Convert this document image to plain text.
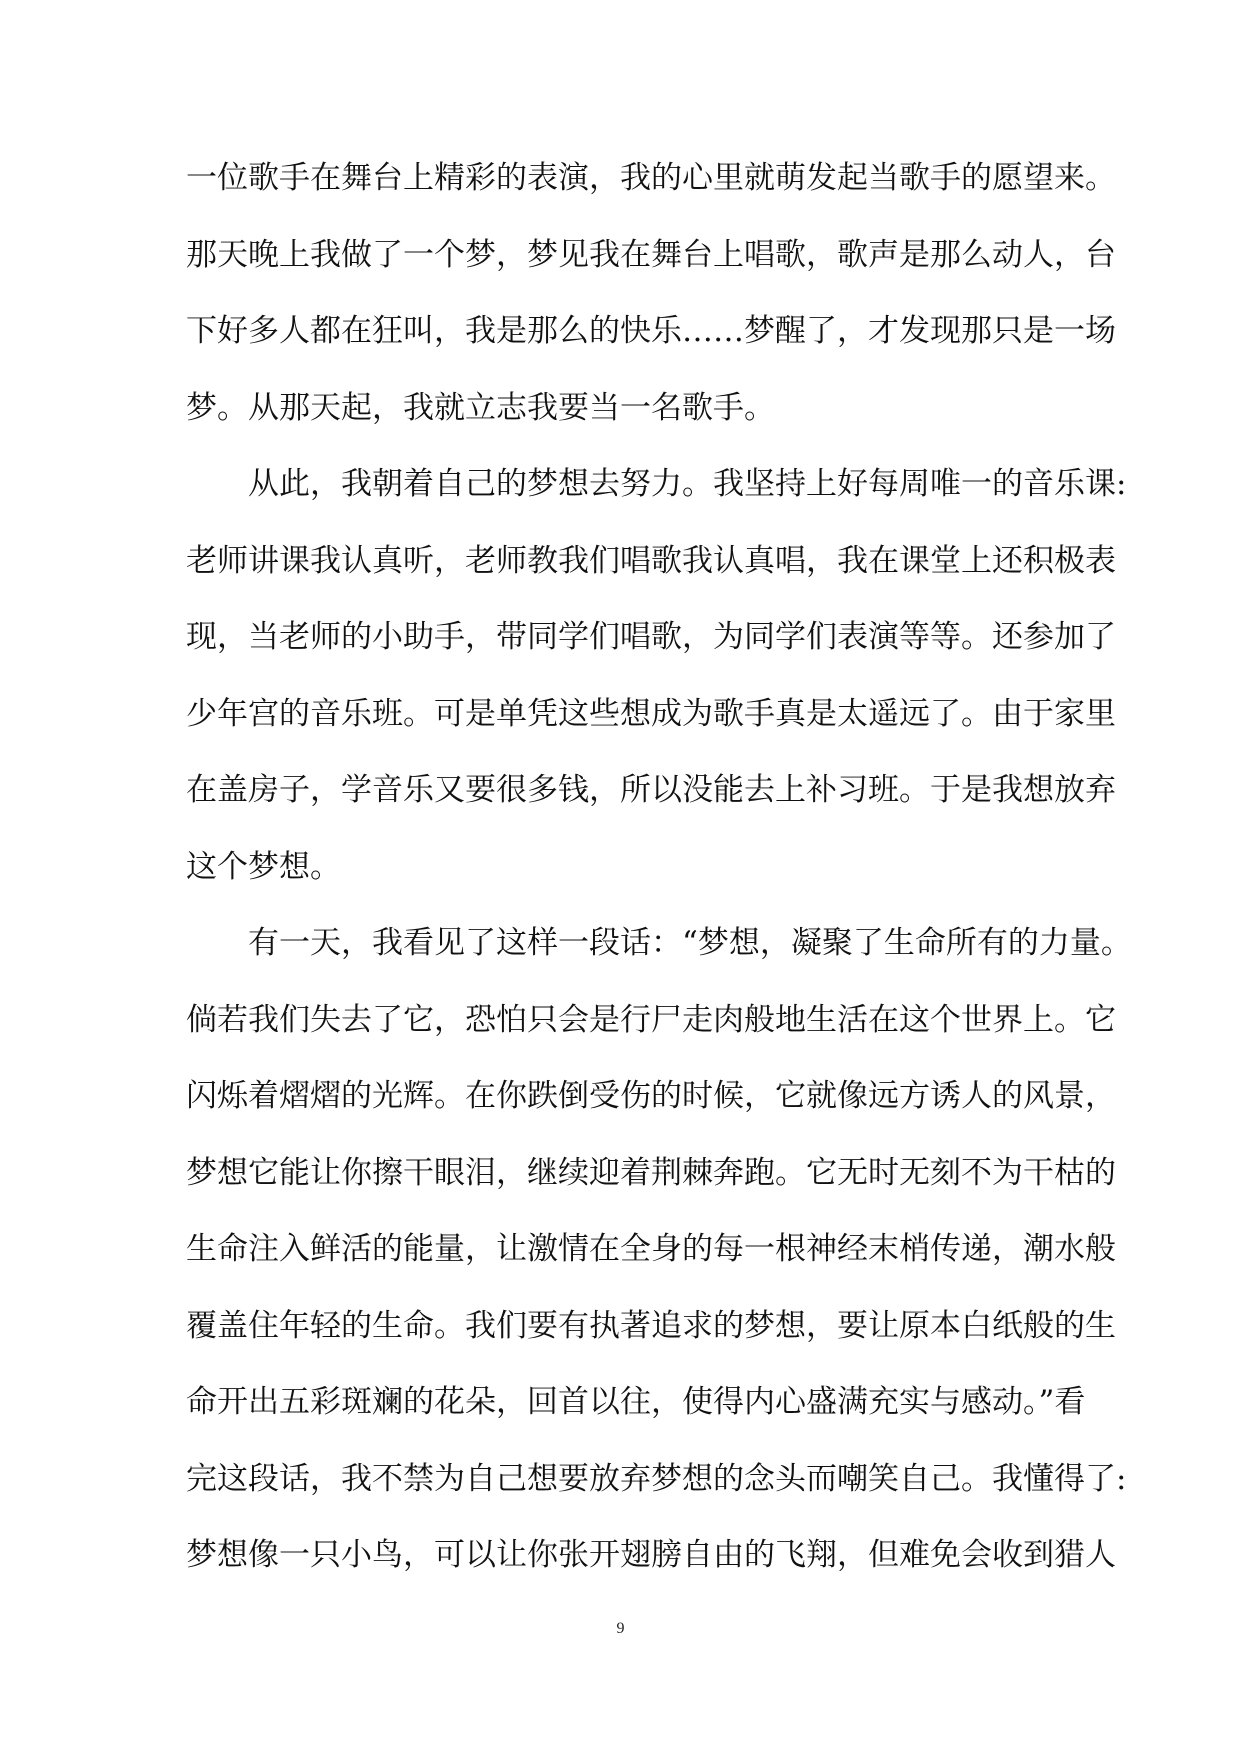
一位歌手在舞台上精彩的表演，我的心里就萌发起当歌手的愿望来。
那天晚上我做了一个梦，梦见我在舞台上唱歌，歌声是那么动人，台
下好多人都在狂叫，我是那么的快乐……梦醒了，才发现那只是一场
梦。从那天起，我就立志我要当一名歌手。
从此，我朝着自己的梦想去努力。我坚持上好每周唯一的音乐课:
老师讲课我认真听，老师教我们唱歌我认真唱，我在课堂上还积极表
现，当老师的小助手，带同学们唱歌，为同学们表演等等。还参加了
少年宫的音乐班。可是单凭这些想成为歌手真是太遥远了。由于家里
在盖房子，学音乐又要很多钱，所以没能去上补习班。于是我想放弃
这个梦想。
有一天，我看见了这样一段话：“梦想，凝聚了生命所有的力量。
倘若我们失去了它，恐怕只会是行尸走肉般地生活在这个世界上。它
闪烁着熠熠的光辉。在你跌倒受伤的时候，它就像远方诱人的风景，
梦想它能让你擦干眼泪，继续迎着荆棘奔跑。它无时无刻不为干枯的
生命注入鲜活的能量，让激情在全身的每一根神经末梢传递，潮水般
覆盖住年轻的生命。我们要有执著追求的梦想，要让原本白纸般的生
命开出五彩斑斓的花朵，回首以往，使得内心盛满充实与感动。”看
完这段话，我不禁为自己想要放弃梦想的念头而嘲笑自己。我懂得了:
梦想像一只小鸟，可以让你张开翅膀自由的飞翔，但难免会收到猎人
9
